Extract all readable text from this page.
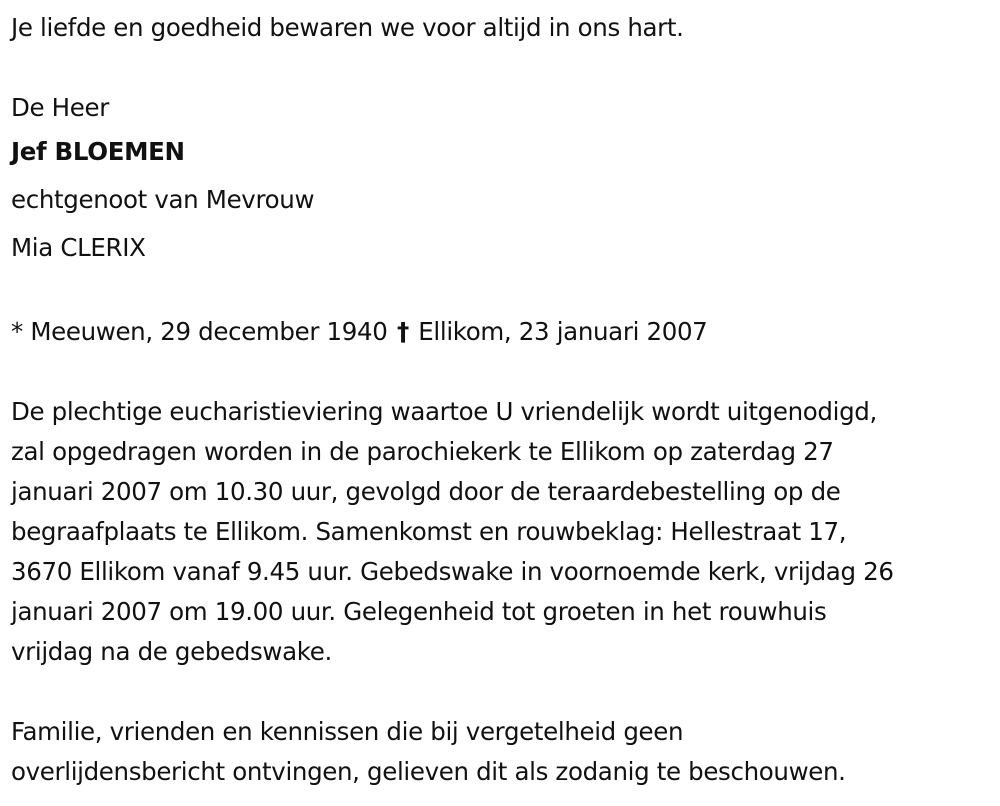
Je liefde en goedheid bewaren we voor altijd in ons hart.
De Heer
Jef BLOEMEN
echtgenoot van Mevrouw
Mia CLERIX
* Meeuwen, 29 december 1940 † Ellikom, 23 januari 2007
De plechtige eucharistieviering waartoe U vriendelijk wordt uitgenodigd,
zal opgedragen worden in de parochiekerk te Ellikom op zaterdag 27
januari 2007 om 10.30 uur, gevolgd door de teraardebestelling op de
begraafplaats te Ellikom. Samenkomst en rouwbeklag: Hellestraat 17,
3670 Ellikom vanaf 9.45 uur. Gebedswake in voornoemde kerk, vrijdag 26
januari 2007 om 19.00 uur. Gelegenheid tot groeten in het rouwhuis
vrijdag na de gebedswake.
Familie, vrienden en kennissen die bij vergetelheid geen
overlijdensbericht ontvingen, gelieven dit als zodanig te beschouwen.
